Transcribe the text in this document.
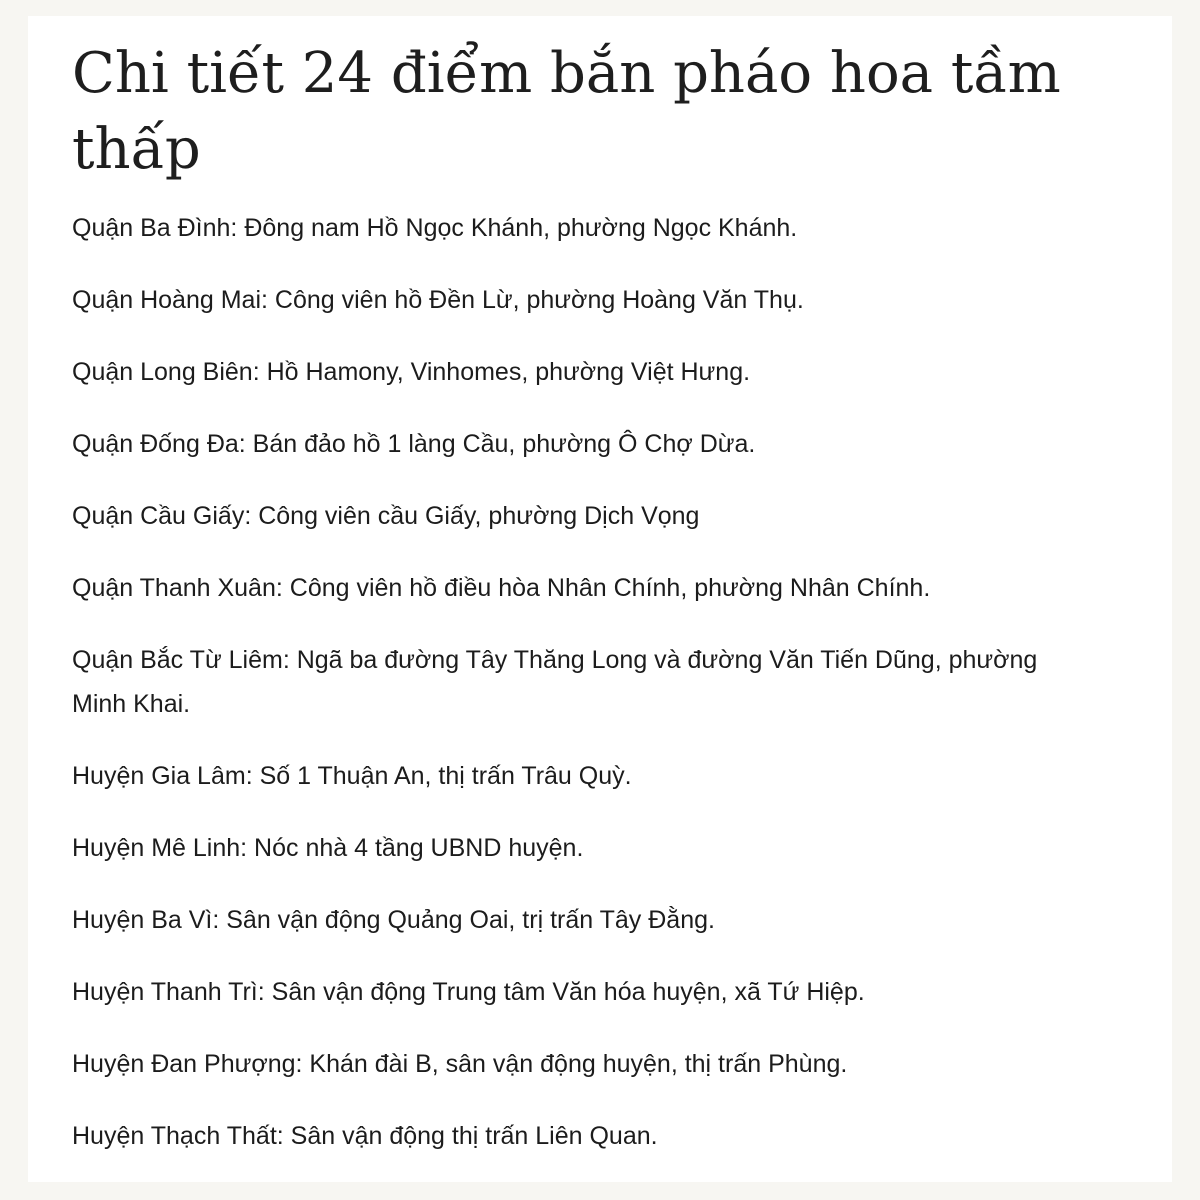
Chi tiết 24 điểm bắn pháo hoa tầm thấp

Quận Ba Đình: Đông nam Hồ Ngọc Khánh, phường Ngọc Khánh.

Quận Hoàng Mai: Công viên hồ Đền Lừ, phường Hoàng Văn Thụ.

Quận Long Biên: Hồ Hamony, Vinhomes, phường Việt Hưng.

Quận Đống Đa: Bán đảo hồ 1 làng Cầu, phường Ô Chợ Dừa.

Quận Cầu Giấy: Công viên cầu Giấy, phường Dịch Vọng

Quận Thanh Xuân: Công viên hồ điều hòa Nhân Chính, phường Nhân Chính.

Quận Bắc Từ Liêm: Ngã ba đường Tây Thăng Long và đường Văn Tiến Dũng, phường Minh Khai.

Huyện Gia Lâm: Số 1 Thuận An, thị trấn Trâu Quỳ.

Huyện Mê Linh: Nóc nhà 4 tầng UBND huyện.

Huyện Ba Vì: Sân vận động Quảng Oai, trị trấn Tây Đằng.

Huyện Thanh Trì: Sân vận động Trung tâm Văn hóa huyện, xã Tứ Hiệp.

Huyện Đan Phượng: Khán đài B, sân vận động huyện, thị trấn Phùng.

Huyện Thạch Thất: Sân vận động thị trấn Liên Quan.
